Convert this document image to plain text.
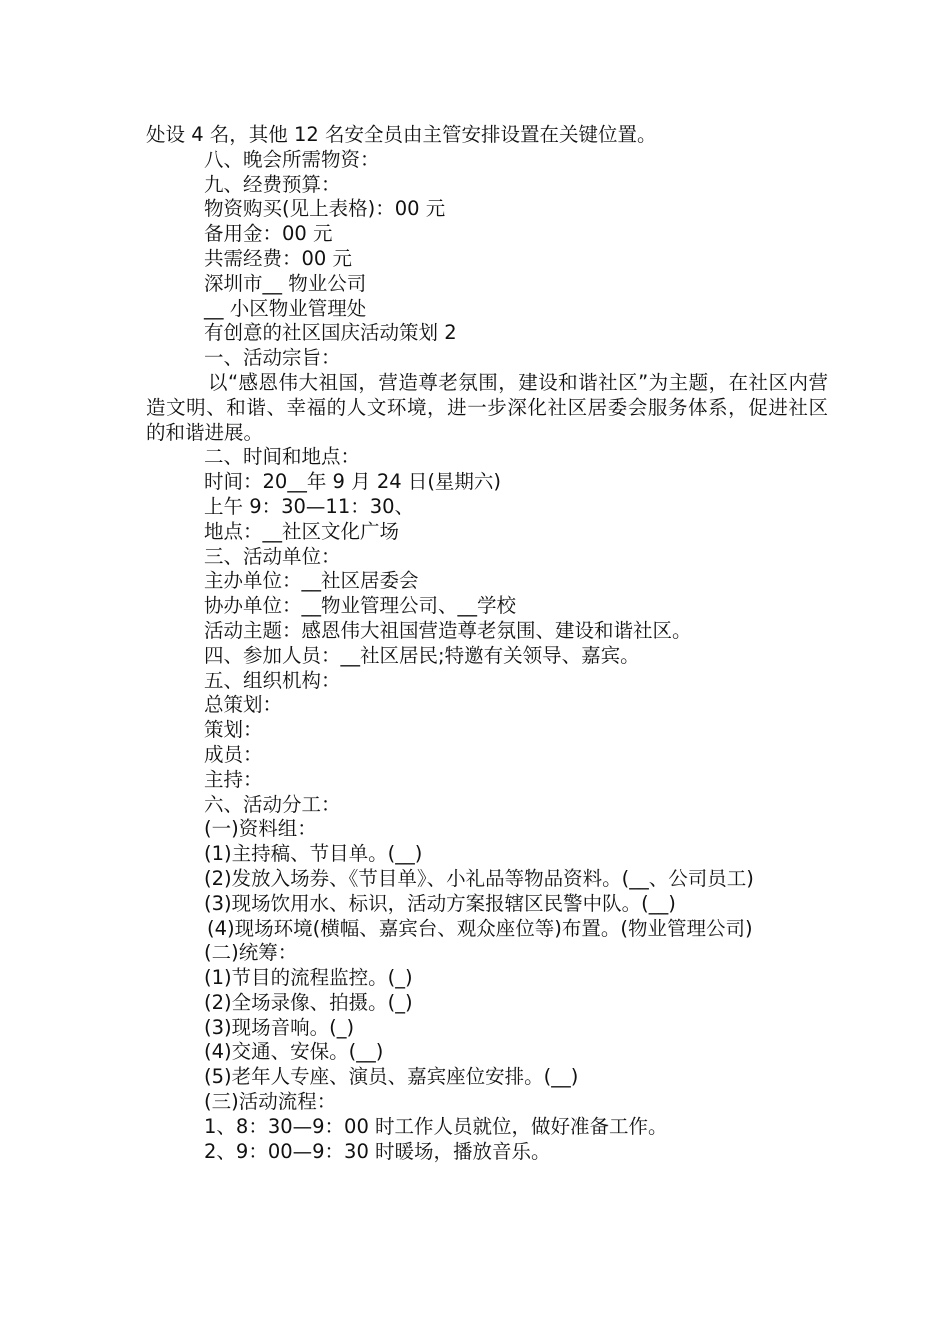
处设 4 名，其他 12 名安全员由主管安排设置在关键位置。

八、晚会所需物资：

九、经费预算：

物资购买(见上表格)：00 元

备用金：00 元

共需经费：00 元

深圳市__ 物业公司

__ 小区物业管理处

有创意的社区国庆活动策划 2

一、活动宗旨：

以“感恩伟大祖国，营造尊老氛围，建设和谐社区”为主题，在社区内营造文明、和谐、幸福的人文环境，进一步深化社区居委会服务体系，促进社区的和谐进展。

二、时间和地点：

时间：20__年 9 月 24 日(星期六)

上午 9：30—11：30、

地点：__社区文化广场

三、活动单位：

主办单位：__社区居委会

协办单位：__物业管理公司、__学校

活动主题：感恩伟大祖国营造尊老氛围、建设和谐社区。

四、参加人员：__社区居民;特邀有关领导、嘉宾。

五、组织机构：

总策划：

策划：

成员：

主持：

六、活动分工：

(一)资料组：

(1)主持稿、节目单。(__)

(2)发放入场券、《节目单》、小礼品等物品资料。(__、公司员工)

(3)现场饮用水、标识，活动方案报辖区民警中队。(__)

(4)现场环境(横幅、嘉宾台、观众座位等)布置。(物业管理公司)

(二)统筹：

(1)节目的流程监控。(_)

(2)全场录像、拍摄。(_)

(3)现场音响。(_)

(4)交通、安保。(__)

(5)老年人专座、演员、嘉宾座位安排。(__)

(三)活动流程：

1、8：30—9：00 时工作人员就位，做好准备工作。

2、9：00—9：30 时暖场，播放音乐。
